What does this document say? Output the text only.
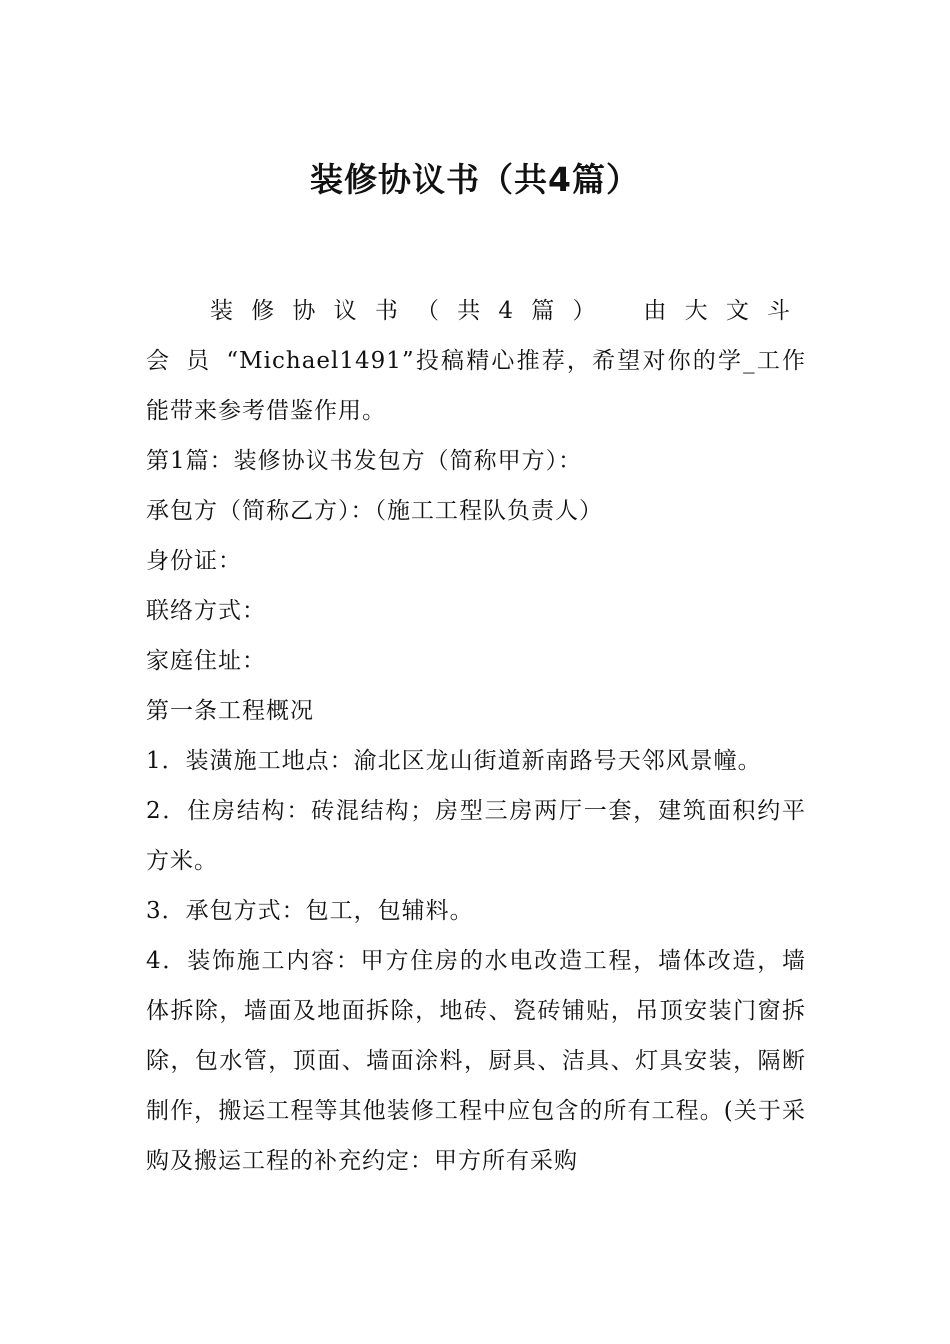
装修协议书（共4篇）

装修协议书（共4篇）　 由大文斗会员“Michael1491”投稿精心推荐，希望对你的学_工作能带来参考借鉴作用。

第1篇：装修协议书发包方（简称甲方）：

承包方（简称乙方）：（施工工程队负责人）

身份证：

联络方式：

家庭住址：

第一条工程概况

1．装潢施工地点：渝北区龙山街道新南路号天邻风景幢。

2．住房结构：砖混结构；房型三房两厅一套，建筑面积约平方米。

3．承包方式：包工，包辅料。

4．装饰施工内容：甲方住房的水电改造工程，墙体改造，墙体拆除，墙面及地面拆除，地砖、瓷砖铺贴，吊顶安装门窗拆除，包水管，顶面、墙面涂料，厨具、洁具、灯具安装，隔断制作，搬运工程等其他装修工程中应包含的所有工程。(关于采购及搬运工程的补充约定：甲方所有采购
